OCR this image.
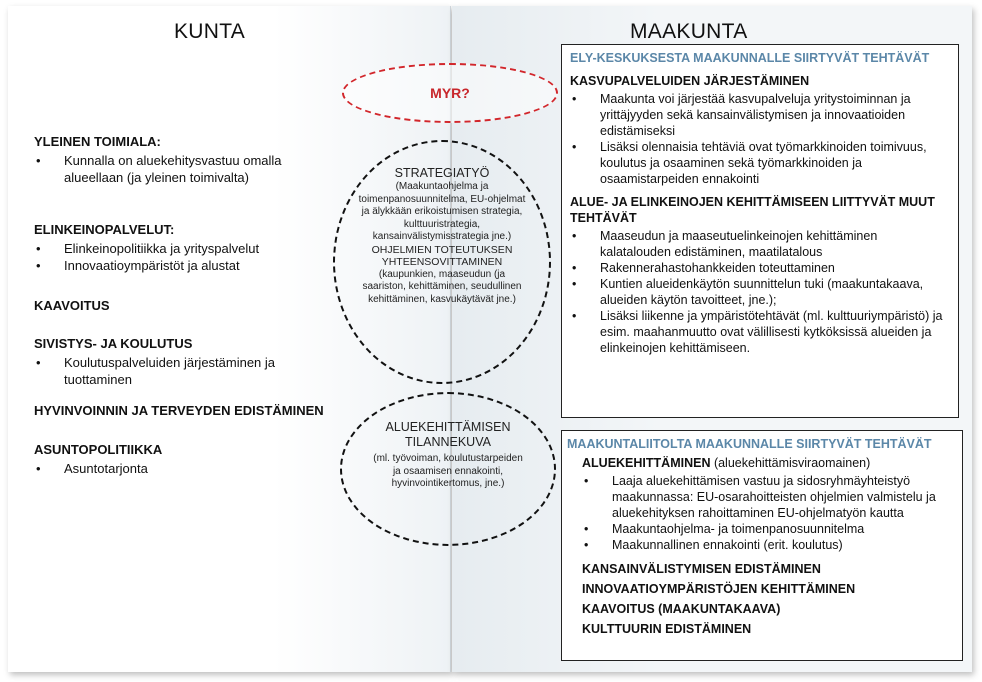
KUNTA	MAAKUNTA
YLEINEN TOIMIALA:
• Kunnalla on aluekehitysvastuu omalla alueellaan (ja yleinen toimivalta)
ELINKEINOPALVELUT:
• Elinkeinopolitiikka ja yrityspalvelut
• Innovaatioympäristöt ja alustat
KAAVOITUS
SIVISTYS- JA KOULUTUS
• Koulutuspalveluiden järjestäminen ja tuottaminen
HYVINVOINNIN JA TERVEYDEN EDISTÄMINEN
ASUNTOPOLITIIKKA
• Asuntotarjonta
MYR?
STRATEGIATYÖ
(Maakuntaohjelma ja toimenpanosuunnitelma, EU-ohjelmat ja älykkään erikoistumisen strategia, kulttuuristrategia, kansainvälistymisstrategia jne.)
OHJELMIEN TOTEUTUKSEN YHTEENSOVITTAMINEN
(kaupunkien, maaseudun (ja saariston, kehittäminen, seudullinen kehittäminen, kasvukäytävät jne.)
ALUEKEHITTÄMISEN TILANNEKUVA
(ml. työvoiman, koulutustarpeiden ja osaamisen ennakointi, hyvinvointikertomus, jne.)
ELY-KESKUKSESTA MAAKUNNALLE SIIRTYVÄT TEHTÄVÄT
KASVUPALVELUIDEN JÄRJESTÄMINEN
• Maakunta voi järjestää kasvupalveluja yritystoiminnan ja yrittäjyyden sekä kansainvälistymisen ja innovaatioiden edistämiseksi
• Lisäksi olennaisia tehtäviä ovat työmarkkinoiden toimivuus, koulutus ja osaaminen sekä työmarkkinoiden ja osaamistarpeiden ennakointi
ALUE- JA ELINKEINOJEN KEHITTÄMISEEN LIITTYVÄT MUUT TEHTÄVÄT
• Maaseudun ja maaseutuelinkeinojen kehittäminen kalatalouden edistäminen, maatilatalous
• Rakennerahastohankkeiden toteuttaminen
• Kuntien alueidenkäytön suunnittelun tuki (maakuntakaava, alueiden käytön tavoitteet, jne.);
• Lisäksi liikenne ja ympäristötehtävät (ml. kulttuuriympäristö) ja esim. maahanmuutto ovat välillisesti kytköksissä alueiden ja elinkeinojen kehittämiseen.
MAAKUNTALIITOLTA MAAKUNNALLE SIIRTYVÄT TEHTÄVÄT
ALUEKEHITTÄMINEN (aluekehittämisviraomainen)
• Laaja aluekehittämisen vastuu ja sidosryhmäyhteistyö maakunnassa: EU-osarahoitteisten ohjelmien valmistelu ja aluekehityksen rahoittaminen EU-ohjelmatyön kautta
• Maakuntaohjelma- ja toimenpanosuunnitelma
• Maakunnallinen ennakointi (erit. koulutus)
KANSAINVÄLISTYMISEN EDISTÄMINEN
INNOVAATIOYMPÄRISTÖJEN KEHITTÄMINEN
KAAVOITUS (MAAKUNTAKAAVA)
KULTTUURIN EDISTÄMINEN
